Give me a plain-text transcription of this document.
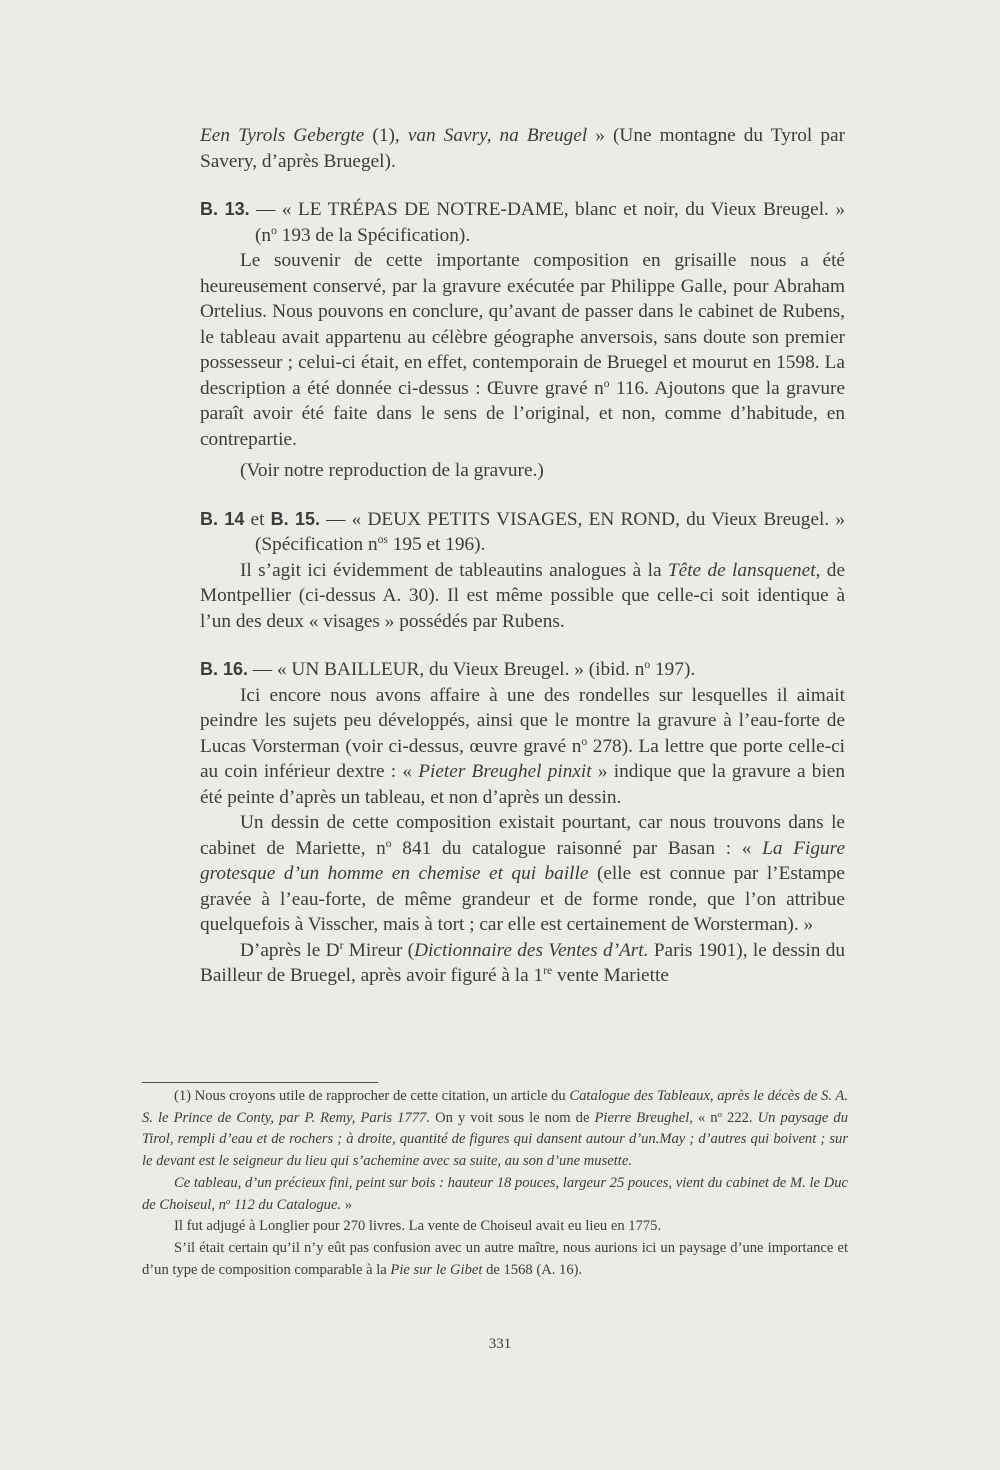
Een Tyrols Gebergte (1), van Savry, na Breugel » (Une montagne du Tyrol par Savery, d’après Bruegel).

B. 13. — « LE TRÉPAS DE NOTRE-DAME, blanc et noir, du Vieux Breugel. » ($n^o$ 193 de la Spécification).

Le souvenir de cette importante composition en grisaille nous a été heureusement conservé, par la gravure exécutée par Philippe Galle, pour Abraham Ortelius. Nous pouvons en conclure, qu’avant de passer dans le cabinet de Rubens, le tableau avait appartenu au célèbre géographe anversois, sans doute son premier possesseur ; celui-ci était, en effet, contemporain de Bruegel et mourut en 1598. La description a été donnée ci-dessus : Œuvre gravé $n^o$ 116. Ajoutons que la gravure paraît avoir été faite dans le sens de l’original, et non, comme d’habitude, en contrepartie.

(Voir notre reproduction de la gravure.)

B. 14 et B. 15. — « DEUX PETITS VISAGES, EN ROND, du Vieux Breugel. » (Spécification $n^{os}$ 195 et 196).

Il s’agit ici évidemment de tableautins analogues à la Tête de lansquenet, de Montpellier (ci-dessus A. 30). Il est même possible que celle-ci soit identique à l’un des deux « visages » possédés par Rubens.

B. 16. — « UN BAILLEUR, du Vieux Breugel. » (ibid. $n^o$ 197).

Ici encore nous avons affaire à une des rondelles sur lesquelles il aimait peindre les sujets peu développés, ainsi que le montre la gravure à l’eau-forte de Lucas Vorsterman (voir ci-dessus, œuvre gravé $n^o$ 278). La lettre que porte celle-ci au coin inférieur dextre : « Pieter Breughel pinxit » indique que la gravure a bien été peinte d’après un tableau, et non d’après un dessin.

Un dessin de cette composition existait pourtant, car nous trouvons dans le cabinet de Mariette, $n^o$ 841 du catalogue raisonné par Basan : « La Figure grotesque d’un homme en chemise et qui baille (elle est connue par l’Estampe gravée à l’eau-forte, de même grandeur et de forme ronde, que l’on attribue quelquefois à Visscher, mais à tort ; car elle est certainement de Worsterman). »

D’après le $D^r$ Mireur (Dictionnaire des Ventes d’Art. Paris 1901), le dessin du Bailleur de Bruegel, après avoir figuré à la 1re vente Mariette

(1) Nous croyons utile de rapprocher de cette citation, un article du Catalogue des Tableaux, après le décès de S. A. S. le Prince de Conty, par P. Remy, Paris 1777. On y voit sous le nom de Pierre Breughel, « $n^o$ 222. Un paysage du Tirol, rempli d’eau et de rochers ; à droite, quantité de figures qui dansent autour d’un.May ; d’autres qui boivent ; sur le devant est le seigneur du lieu qui s’achemine avec sa suite, au son d’une musette.

Ce tableau, d’un précieux fini, peint sur bois : hauteur 18 pouces, largeur 25 pouces, vient du cabinet de M. le Duc de Choiseul, $n^o$ 112 du Catalogue. »

Il fut adjugé à Longlier pour 270 livres. La vente de Choiseul avait eu lieu en 1775.

S’il était certain qu’il n’y eût pas confusion avec un autre maître, nous aurions ici un paysage d’une importance et d’un type de composition comparable à la Pie sur le Gibet de 1568 (A. 16).

331
